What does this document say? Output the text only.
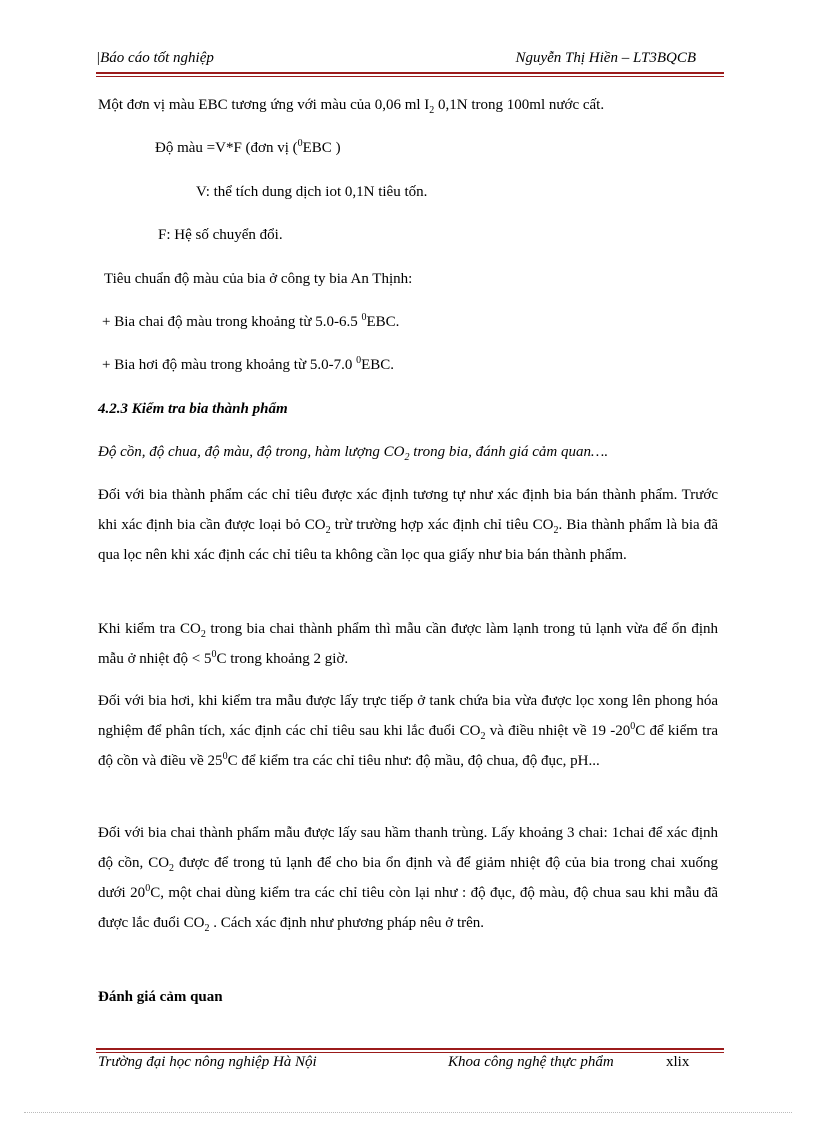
|Báo cáo tốt nghiệp	Nguyễn Thị Hiền – LT3BQCB
Một đơn vị màu EBC tương ứng với màu của 0,06 ml $I_2$ 0,1N trong 100ml nước cất.
Độ màu =V*F (đơn vị ($^0$EBC )
V: thể tích dung dịch iot 0,1N tiêu tốn.
F: Hệ số chuyển đổi.
Tiêu chuẩn độ màu của bia ở công ty bia An Thịnh:
+ Bia chai độ màu trong khoảng từ 5.0-6.5 $^0$EBC.
+ Bia hơi độ màu trong khoảng từ 5.0-7.0 $^0$EBC.
4.2.3 Kiểm tra bia thành phẩm
Độ cồn, độ chua, độ màu, độ trong, hàm lượng $CO_2$ trong bia, đánh giá cảm quan….
Đối với bia thành phẩm các chỉ tiêu được xác định tương tự như xác định bia bán thành phẩm. Trước khi xác định bia cần được loại bỏ $CO_2$ trừ trường hợp xác định chỉ tiêu $CO_2$. Bia thành phẩm là bia đã qua lọc nên khi xác định các chỉ tiêu ta không cần lọc qua giấy như bia bán thành phẩm.
Khi kiểm tra $CO_2$ trong bia chai thành phẩm thì mẫu cần được làm lạnh trong tủ lạnh vừa để ổn định mẫu ở nhiệt độ < $5^0C$ trong khoảng 2 giờ.
Đối với bia hơi, khi kiểm tra mẫu được lấy trực tiếp ở tank chứa bia vừa được lọc xong lên phong hóa nghiệm để phân tích, xác định các chỉ tiêu sau khi lắc đuổi $CO_2$ và điều nhiệt về 19 $-20^0C$ để kiểm tra độ cồn và điều về $25^0C$ để kiểm tra các chỉ tiêu như: độ mầu, độ chua, độ đục, pH...
Đối với bia chai thành phẩm mẫu được lấy sau hầm thanh trùng. Lấy khoảng 3 chai: 1chai để xác định độ cồn, $CO_2$ được để trong tủ lạnh để cho bia ổn định và để giảm nhiệt độ của bia trong chai xuống dưới $20^0C$, một chai dùng kiểm tra các chỉ tiêu còn lại như : độ đục, độ màu, độ chua sau khi mẫu đã được lắc đuổi $CO_2$ . Cách xác định như phương pháp nêu ở trên.
Đánh giá cảm quan
Trường đại học nông nghiệp Hà Nội	Khoa công nghệ thực phẩm	xlix
